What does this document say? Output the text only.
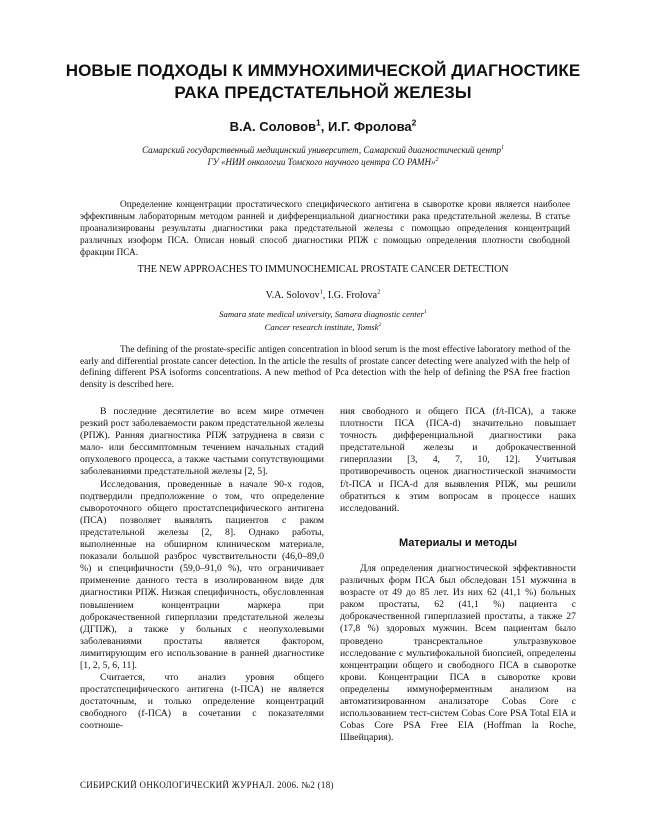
НОВЫЕ ПОДХОДЫ К ИММУНОХИМИЧЕСКОЙ ДИАГНОСТИКЕ
РАКА ПРЕДСТАТЕЛЬНОЙ ЖЕЛЕЗЫ
В.А. Соловов$^1$, И.Г. Фролова$^2$
Самарский государственный медицинский университет, Самарский диагностический центр$^1$
ГУ «НИИ онкологии Томского научного центра СО РАМН»$^2$
Определение концентрации простатического специфического антигена в сыворотке крови является наиболее эффективным лабораторным методом ранней и дифференциальной диагностики рака предстательной железы. В статье проанализированы результаты диагностики рака предстательной железы с помощью определения концентраций различных изоформ ПСА. Описан новый способ диагностики РПЖ с помощью определения плотности свободной фракции ПСА.
THE NEW APPROACHES TO IMMUNOCHEMICAL PROSTATE CANCER DETECTION
V.A. Solovov$^1$, I.G. Frolova$^2$
Samara state medical university, Samara diagnostic center$^1$
Cancer research institute, Tomsk$^2$
The defining of the prostate-specific antigen concentration in blood serum is the most effective laboratory method of the early and differential prostate cancer detection. In the article the results of prostate cancer detecting were analyzed with the help of defining different PSA isoforms concentrations. A new method of Pca detection with the help of defining the PSA free fraction density is described here.

В последние десятилетие во всем мире отмечен резкий рост заболеваемости раком предстательной железы (РПЖ). Ранняя диагностика РПЖ затруднена в связи с мало- или бессимптомным течением начальных стадий опухолевого процесса, а также частыми сопутствующими заболеваниями предстательной железы [2, 5].

Исследования, проведенные в начале 90-х годов, подтвердили предположение о том, что определение сывороточного общего простатспецифического антигена (ПСА) позволяет выявлять пациентов с раком предстательной железы [2, 8]. Однако работы, выполненные на обширном клиническом материале, показали большой разброс чувствительности (46,0–89,0 %) и специфичности (59,0–91,0 %), что ограничивает применение данного теста в изолированном виде для диагностики РПЖ. Низкая специфичность, обусловленная повышением концентрации маркера при доброкачественной гиперплазии предстательной железы (ДГПЖ), а также у больных с неопухолевыми заболеваниями простаты является фактором, лимитирующим его использование в ранней диагностике [1, 2, 5, 6, 11].

Считается, что анализ уровня общего простатспецифического антигена (t-ПСА) не является достаточным, и только определение концентраций свободного (f-ПСА) в сочетании с показателями соотноше-

ния свободного и общего ПСА (f/t-ПСА), а также плотности ПСА (ПСА-d) значительно повышает точность дифференциальной диагностики рака предстательной железы и доброкачественной гиперплазии [3, 4, 7, 10, 12]. Учитывая противоречивость оценок диагностической значимости f/t-ПСА и ПСА-d для выявления РПЖ, мы решили обратиться к этим вопросам в процессе наших исследований.

Материалы и методы

Для определения диагностической эффективности различных форм ПСА был обследован 151 мужчина в возрасте от 49 до 85 лет. Из них 62 (41,1 %) больных раком простаты, 62 (41,1 %) пациента с доброкачественной гиперплазией простаты, а также 27 (17,8 %) здоровых мужчин. Всем пациентам было проведено трансректальное ультразвуковое исследование с мультифокальной биопсией, определены концентрации общего и свободного ПСА в сыворотке крови. Концентрации ПСА в сыворотке крови определены иммуноферментным анализом на автоматизированном анализаторе Cobas Core с использованием тест-систем Cobas Core PSA Total EIA и Cobas Core PSA Free EIA (Hoffman la Roche, Швейцария).

СИБИРСКИЙ ОНКОЛОГИЧЕСКИЙ ЖУРНАЛ. 2006. №2 (18)
